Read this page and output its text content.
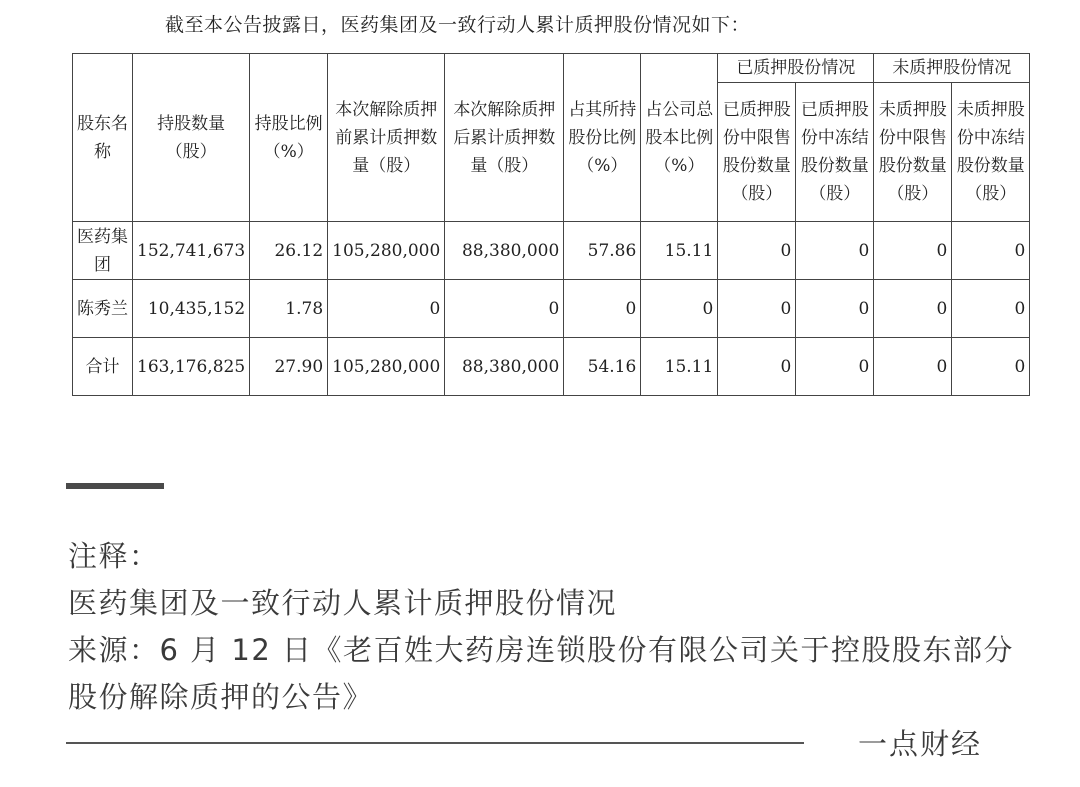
截至本公告披露日，医药集团及一致行动人累计质押股份情况如下：
股东名称	持股数量（股）	持股比例（%）	本次解除质押前累计质押数量（股）	本次解除质押后累计质押数量（股）	占其所持股份比例（%）	占公司总股本比例（%）	已质押股份情况		未质押股份情况	
							已质押股份中限售股份数量（股）	已质押股份中冻结股份数量（股）	未质押股份中限售股份数量（股）	未质押股份中冻结股份数量（股）
医药集团	152,741,673	26.12	105,280,000	88,380,000	57.86	15.11	0	0	0	0
陈秀兰	10,435,152	1.78	0	0	0	0	0	0	0	0
合计	163,176,825	27.90	105,280,000	88,380,000	54.16	15.11	0	0	0	0

注释：

医药集团及一致行动人累计质押股份情况

来源：6 月 12 日《老百姓大药房连锁股份有限公司关于控股股东部分股份解除质押的公告》

一点财经
